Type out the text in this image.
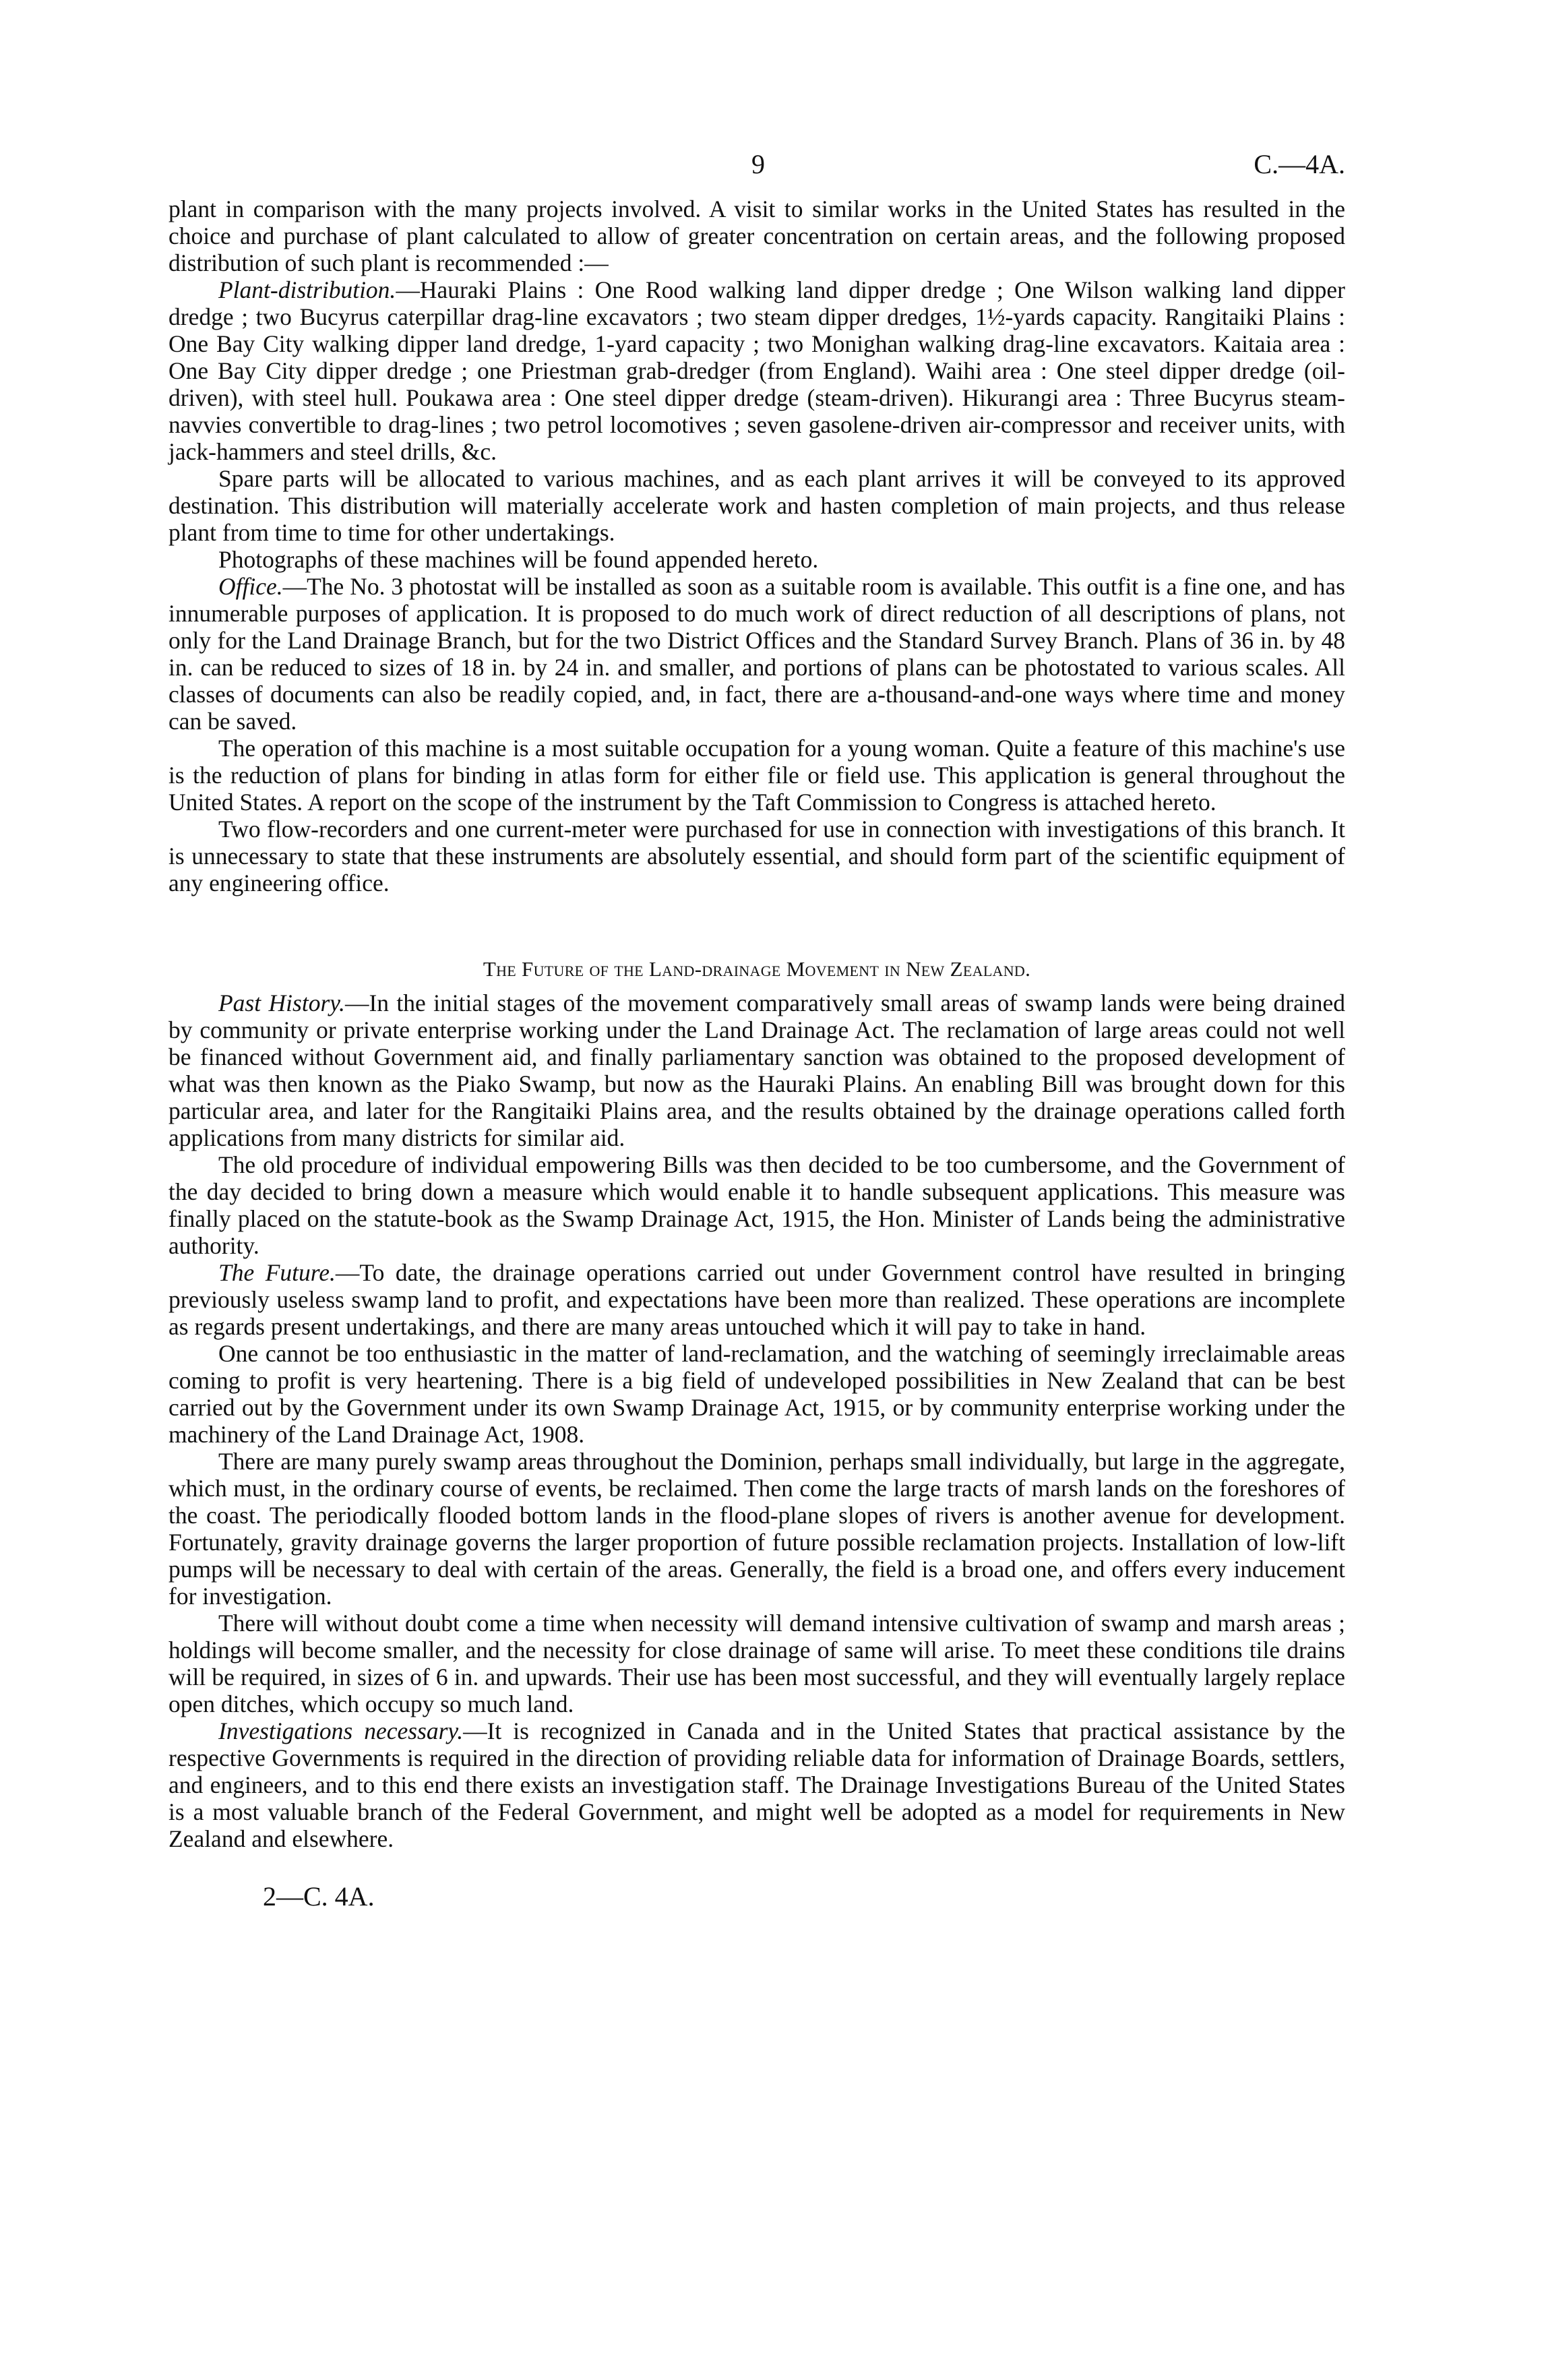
9	C.—4A.

plant in comparison with the many projects involved. A visit to similar works in the United States has resulted in the choice and purchase of plant calculated to allow of greater concentration on certain areas, and the following proposed distribution of such plant is recommended :—

Plant-distribution.—Hauraki Plains : One Rood walking land dipper dredge ; One Wilson walking land dipper dredge ; two Bucyrus caterpillar drag-line excavators ; two steam dipper dredges, 1½-yards capacity. Rangitaiki Plains : One Bay City walking dipper land dredge, 1-yard capacity ; two Monighan walking drag-line excavators. Kaitaia area : One Bay City dipper dredge ; one Priestman grab-dredger (from England). Waihi area : One steel dipper dredge (oil-driven), with steel hull. Poukawa area : One steel dipper dredge (steam-driven). Hikurangi area : Three Bucyrus steam-navvies convertible to drag-lines ; two petrol locomotives ; seven gasolene-driven air-compressor and receiver units, with jack-hammers and steel drills, &c.

Spare parts will be allocated to various machines, and as each plant arrives it will be conveyed to its approved destination. This distribution will materially accelerate work and hasten completion of main projects, and thus release plant from time to time for other undertakings.

Photographs of these machines will be found appended hereto.

Office.—The No. 3 photostat will be installed as soon as a suitable room is available. This outfit is a fine one, and has innumerable purposes of application. It is proposed to do much work of direct reduction of all descriptions of plans, not only for the Land Drainage Branch, but for the two District Offices and the Standard Survey Branch. Plans of 36 in. by 48 in. can be reduced to sizes of 18 in. by 24 in. and smaller, and portions of plans can be photostated to various scales. All classes of documents can also be readily copied, and, in fact, there are a-thousand-and-one ways where time and money can be saved.

The operation of this machine is a most suitable occupation for a young woman. Quite a feature of this machine's use is the reduction of plans for binding in atlas form for either file or field use. This application is general throughout the United States. A report on the scope of the instrument by the Taft Commission to Congress is attached hereto.

Two flow-recorders and one current-meter were purchased for use in connection with investigations of this branch. It is unnecessary to state that these instruments are absolutely essential, and should form part of the scientific equipment of any engineering office.

The Future of the Land-drainage Movement in New Zealand.

Past History.—In the initial stages of the movement comparatively small areas of swamp lands were being drained by community or private enterprise working under the Land Drainage Act. The reclamation of large areas could not well be financed without Government aid, and finally parliamentary sanction was obtained to the proposed development of what was then known as the Piako Swamp, but now as the Hauraki Plains. An enabling Bill was brought down for this particular area, and later for the Rangitaiki Plains area, and the results obtained by the drainage operations called forth applications from many districts for similar aid.

The old procedure of individual empowering Bills was then decided to be too cumbersome, and the Government of the day decided to bring down a measure which would enable it to handle subsequent applications. This measure was finally placed on the statute-book as the Swamp Drainage Act, 1915, the Hon. Minister of Lands being the administrative authority.

The Future.—To date, the drainage operations carried out under Government control have resulted in bringing previously useless swamp land to profit, and expectations have been more than realized. These operations are incomplete as regards present undertakings, and there are many areas untouched which it will pay to take in hand.

One cannot be too enthusiastic in the matter of land-reclamation, and the watching of seemingly irreclaimable areas coming to profit is very heartening. There is a big field of undeveloped possibilities in New Zealand that can be best carried out by the Government under its own Swamp Drainage Act, 1915, or by community enterprise working under the machinery of the Land Drainage Act, 1908.

There are many purely swamp areas throughout the Dominion, perhaps small individually, but large in the aggregate, which must, in the ordinary course of events, be reclaimed. Then come the large tracts of marsh lands on the foreshores of the coast. The periodically flooded bottom lands in the flood-plane slopes of rivers is another avenue for development. Fortunately, gravity drainage governs the larger proportion of future possible reclamation projects. Installation of low-lift pumps will be necessary to deal with certain of the areas. Generally, the field is a broad one, and offers every inducement for investigation.

There will without doubt come a time when necessity will demand intensive cultivation of swamp and marsh areas ; holdings will become smaller, and the necessity for close drainage of same will arise. To meet these conditions tile drains will be required, in sizes of 6 in. and upwards. Their use has been most successful, and they will eventually largely replace open ditches, which occupy so much land.

Investigations necessary.—It is recognized in Canada and in the United States that practical assistance by the respective Governments is required in the direction of providing reliable data for information of Drainage Boards, settlers, and engineers, and to this end there exists an investigation staff. The Drainage Investigations Bureau of the United States is a most valuable branch of the Federal Government, and might well be adopted as a model for requirements in New Zealand and elsewhere.

2—C. 4A.
